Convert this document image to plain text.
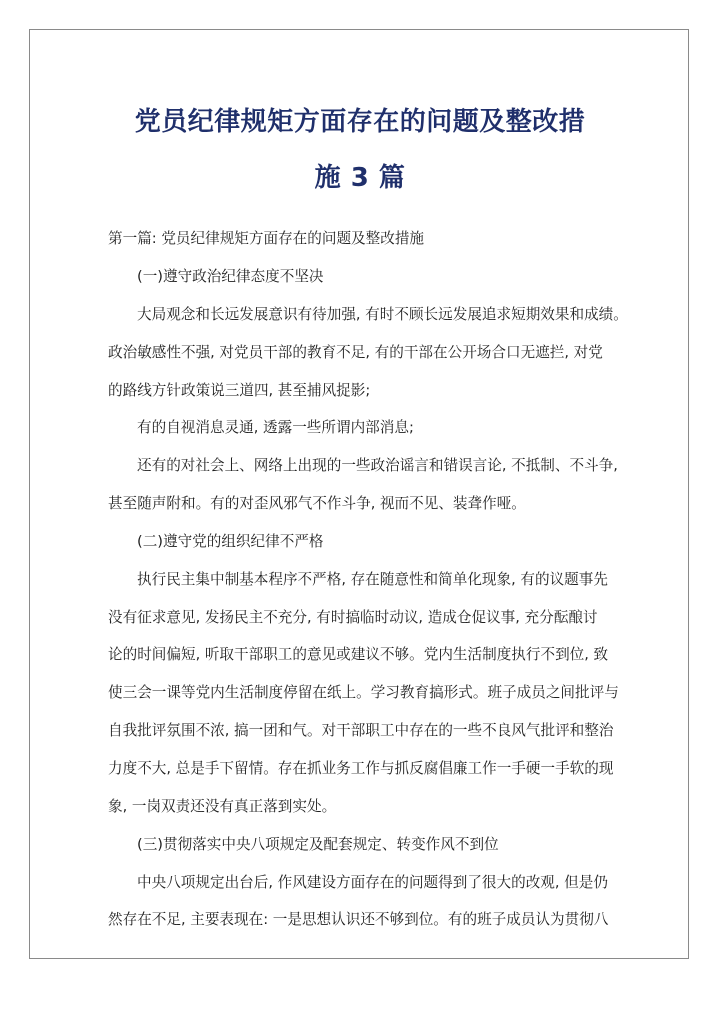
党员纪律规矩方面存在的问题及整改措
施 3 篇

第一篇: 党员纪律规矩方面存在的问题及整改措施

(一)遵守政治纪律态度不坚决

大局观念和长远发展意识有待加强, 有时不顾长远发展追求短期效果和成绩。

政治敏感性不强, 对党员干部的教育不足, 有的干部在公开场合口无遮拦, 对党

的路线方针政策说三道四, 甚至捕风捉影;

有的自视消息灵通, 透露一些所谓内部消息;

还有的对社会上、网络上出现的一些政治谣言和错误言论, 不抵制、不斗争,

甚至随声附和。有的对歪风邪气不作斗争, 视而不见、装聋作哑。

(二)遵守党的组织纪律不严格

执行民主集中制基本程序不严格, 存在随意性和简单化现象, 有的议题事先

没有征求意见, 发扬民主不充分, 有时搞临时动议, 造成仓促议事, 充分酝酿讨

论的时间偏短, 听取干部职工的意见或建议不够。党内生活制度执行不到位, 致

使三会一课等党内生活制度停留在纸上。学习教育搞形式。班子成员之间批评与

自我批评氛围不浓, 搞一团和气。对干部职工中存在的一些不良风气批评和整治

力度不大, 总是手下留情。存在抓业务工作与抓反腐倡廉工作一手硬一手软的现

象, 一岗双责还没有真正落到实处。

(三)贯彻落实中央八项规定及配套规定、转变作风不到位

中央八项规定出台后, 作风建设方面存在的问题得到了很大的改观, 但是仍

然存在不足, 主要表现在: 一是思想认识还不够到位。有的班子成员认为贯彻八
